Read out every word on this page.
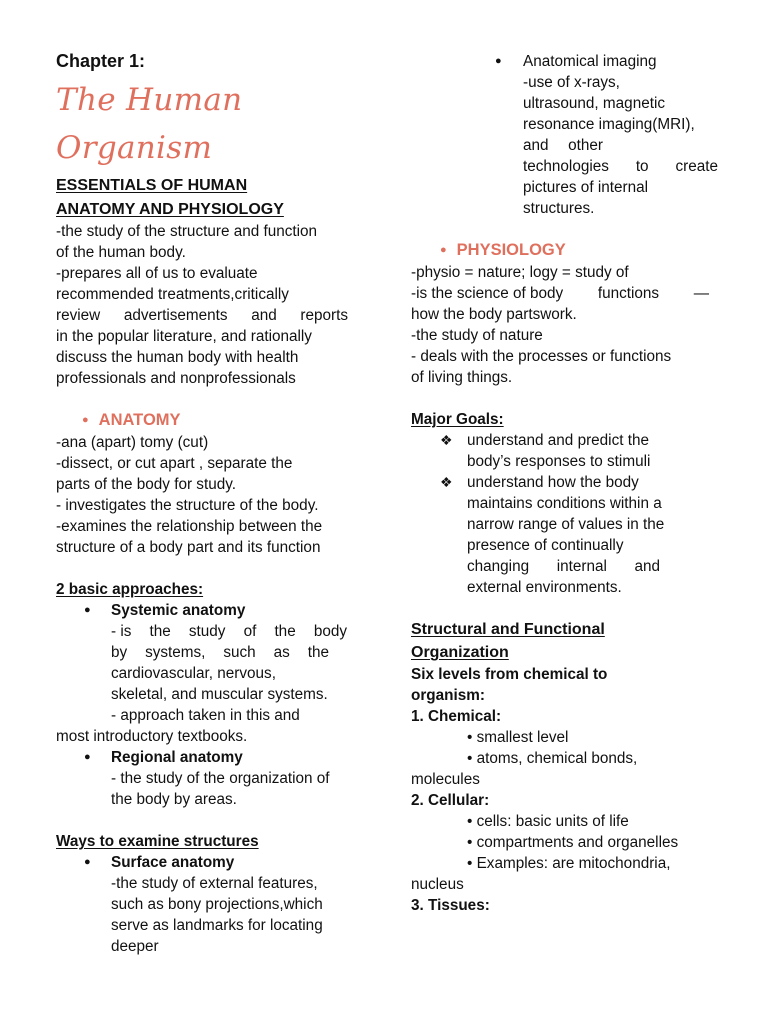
Chapter 1:
The Human
Organism
ESSENTIALS OF HUMAN
ANATOMY AND PHYSIOLOGY
-the study of the structure and function
of the human body.
-prepares all of us to evaluate
recommended treatments,critically
review advertisements and reports
in the popular literature, and rationally
discuss the human body with health
professionals and nonprofessionals
● ANATOMY
-ana (apart) tomy (cut)
-dissect, or cut apart , separate the
parts of the body for study.
- investigates the structure of the body.
-examines the relationship between the
structure of a body part and its function
2 basic approaches:
● Systemic anatomy
- is the study of the body
by systems, such as the
cardiovascular, nervous,
skeletal, and muscular systems.
- approach taken in this and
most introductory textbooks.
● Regional anatomy
- the study of the organization of
the body by areas.
Ways to examine structures
● Surface anatomy
-the study of external features,
such as bony projections,which
serve as landmarks for locating
deeper
● Anatomical imaging
-use of x-rays,
ultrasound, magnetic
resonance imaging(MRI),
and other
technologies to create
pictures of internal
structures.
● PHYSIOLOGY
-physio = nature; logy = study of
-is the science of body functions —
how the body partswork.
-the study of nature
- deals with the processes or functions
of living things.
Major Goals:
❖ understand and predict the
body’s responses to stimuli
❖ understand how the body
maintains conditions within a
narrow range of values in the
presence of continually
changing internal and
external environments.
Structural and Functional
Organization
Six levels from chemical to
organism:
1. Chemical:
• smallest level
• atoms, chemical bonds,
molecules
2. Cellular:
• cells: basic units of life
• compartments and organelles
• Examples: are mitochondria,
nucleus
3. Tissues:
